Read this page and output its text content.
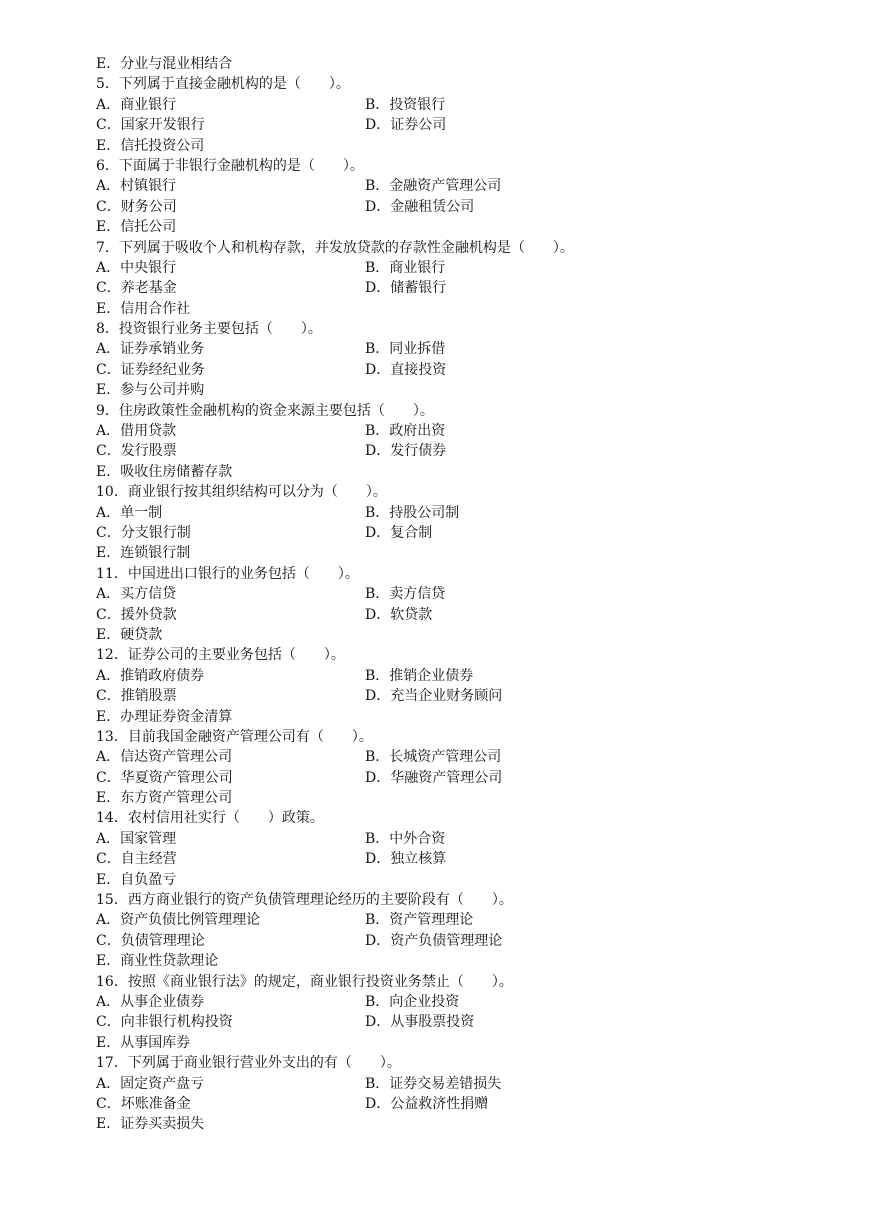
E．分业与混业相结合
5．下列属于直接金融机构的是（　　）。
A．商业银行	B．投资银行
C．国家开发银行	D．证券公司
E．信托投资公司
6．下面属于非银行金融机构的是（　　）。
A．村镇银行	B．金融资产管理公司
C．财务公司	D．金融租赁公司
E．信托公司
7．下列属于吸收个人和机构存款，并发放贷款的存款性金融机构是（　　）。
A．中央银行	B．商业银行
C．养老基金	D．储蓄银行
E．信用合作社
8．投资银行业务主要包括（　　）。
A．证券承销业务	B．同业拆借
C．证券经纪业务	D．直接投资
E．参与公司并购
9．住房政策性金融机构的资金来源主要包括（　　）。
A．借用贷款	B．政府出资
C．发行股票	D．发行债券
E．吸收住房储蓄存款
10．商业银行按其组织结构可以分为（　　）。
A．单一制	B．持股公司制
C．分支银行制	D．复合制
E．连锁银行制
11．中国进出口银行的业务包括（　　）。
A．买方信贷	B．卖方信贷
C．援外贷款	D．软贷款
E．硬贷款
12．证券公司的主要业务包括（　　）。
A．推销政府债券	B．推销企业债券
C．推销股票	D．充当企业财务顾问
E．办理证券资金清算
13．目前我国金融资产管理公司有（　　）。
A．信达资产管理公司	B．长城资产管理公司
C．华夏资产管理公司	D．华融资产管理公司
E．东方资产管理公司
14．农村信用社实行（　　）政策。
A．国家管理	B．中外合资
C．自主经营	D．独立核算
E．自负盈亏
15．西方商业银行的资产负债管理理论经历的主要阶段有（　　）。
A．资产负债比例管理理论	B．资产管理理论
C．负债管理理论	D．资产负债管理理论
E．商业性贷款理论
16．按照《商业银行法》的规定，商业银行投资业务禁止（　　）。
A．从事企业债券	B．向企业投资
C．向非银行机构投资	D．从事股票投资
E．从事国库券
17．下列属于商业银行营业外支出的有（　　）。
A．固定资产盘亏	B．证券交易差错损失
C．坏账准备金	D．公益救济性捐赠
E．证券买卖损失
